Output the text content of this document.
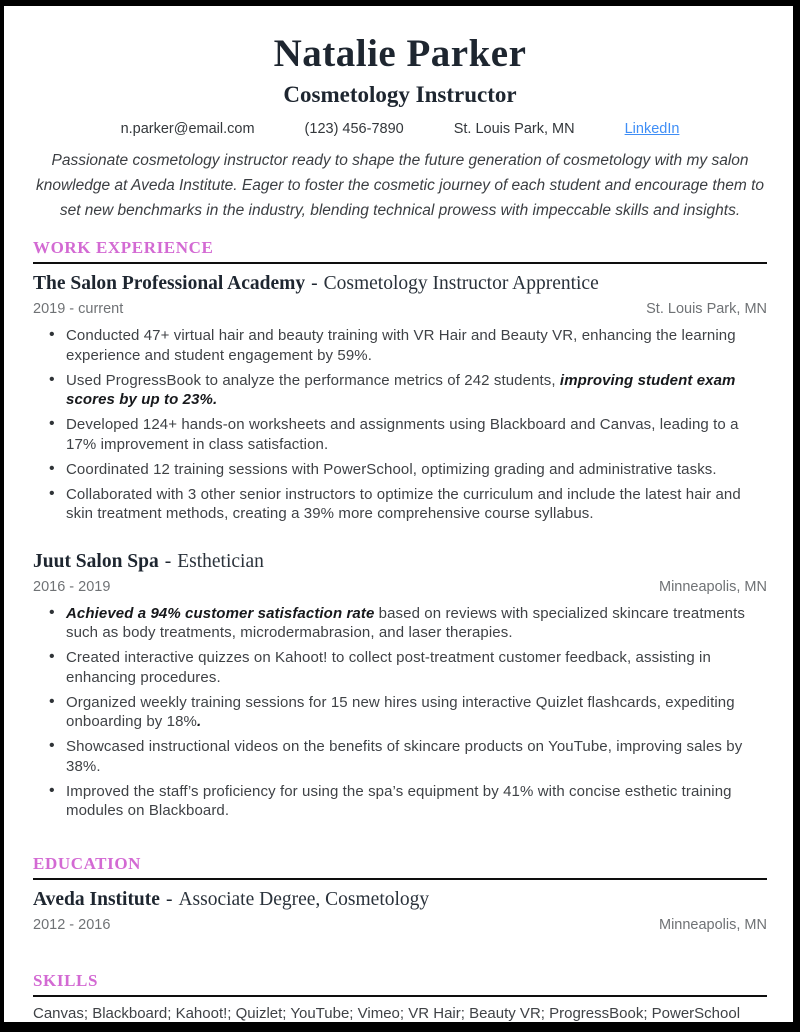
Natalie Parker
Cosmetology Instructor
n.parker@email.com	(123) 456-7890	St. Louis Park, MN	LinkedIn

Passionate cosmetology instructor ready to shape the future generation of cosmetology with my salon knowledge at Aveda Institute. Eager to foster the cosmetic journey of each student and encourage them to set new benchmarks in the industry, blending technical prowess with impeccable skills and insights.

WORK EXPERIENCE
The Salon Professional Academy - Cosmetology Instructor Apprentice
2019 - current	St. Louis Park, MN
• Conducted 47+ virtual hair and beauty training with VR Hair and Beauty VR, enhancing the learning experience and student engagement by 59%.
• Used ProgressBook to analyze the performance metrics of 242 students, improving student exam scores by up to 23%.
• Developed 124+ hands-on worksheets and assignments using Blackboard and Canvas, leading to a 17% improvement in class satisfaction.
• Coordinated 12 training sessions with PowerSchool, optimizing grading and administrative tasks.
• Collaborated with 3 other senior instructors to optimize the curriculum and include the latest hair and skin treatment methods, creating a 39% more comprehensive course syllabus.
Juut Salon Spa - Esthetician
2016 - 2019	Minneapolis, MN
• Achieved a 94% customer satisfaction rate based on reviews with specialized skincare treatments such as body treatments, microdermabrasion, and laser therapies.
• Created interactive quizzes on Kahoot! to collect post-treatment customer feedback, assisting in enhancing procedures.
• Organized weekly training sessions for 15 new hires using interactive Quizlet flashcards, expediting onboarding by 18%.
• Showcased instructional videos on the benefits of skincare products on YouTube, improving sales by 38%.
• Improved the staff’s proficiency for using the spa’s equipment by 41% with concise esthetic training modules on Blackboard.
EDUCATION
Aveda Institute - Associate Degree, Cosmetology
2012 - 2016	Minneapolis, MN
SKILLS

Canvas; Blackboard; Kahoot!; Quizlet; YouTube; Vimeo; VR Hair; Beauty VR; ProgressBook; PowerSchool
